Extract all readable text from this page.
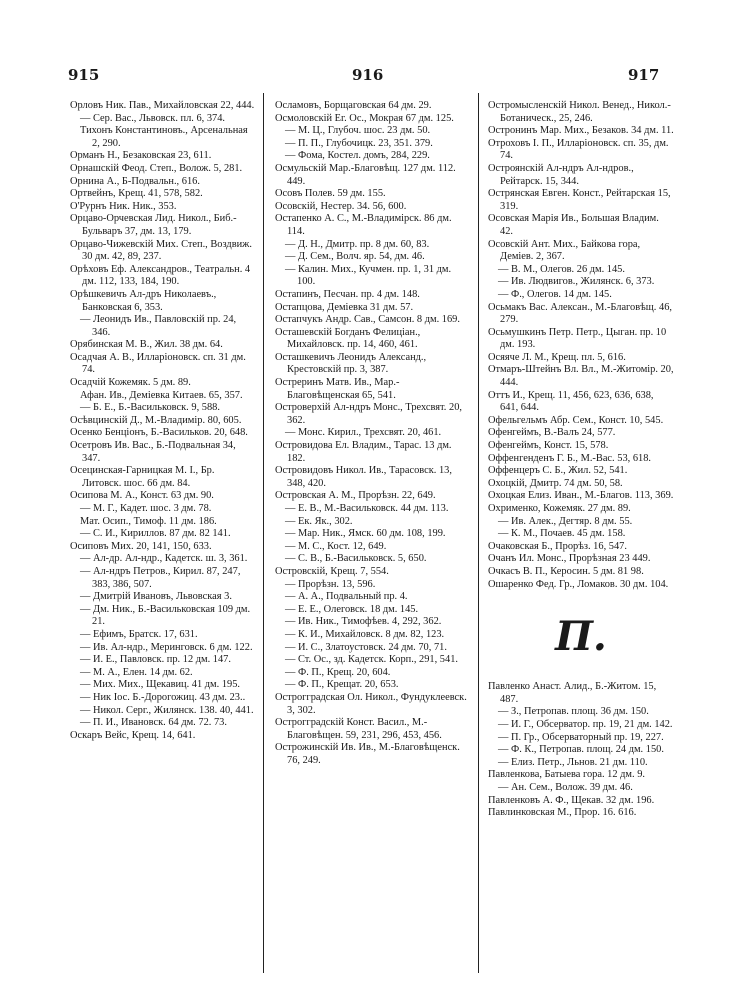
915	916	917

Орловъ Ник. Пав., Михайловская 22, 444.

— Сер. Вас., Львовск. пл. 6, 374.

Тихонъ Константиновъ., Арсенальная 2, 290.

Орманъ Н., Безаковская 23, 611.

Орнашскій Феод. Степ., Волож. 5, 281.

Орнина А., Б-Подвальн., 616.

Ортвейнъ, Крещ. 41, 578, 582.

О'Рурнъ Ник. Ник., 353.

Орцаво-Орчевская Лид. Никол., Биб.-Бульваръ 37, дм. 13, 179.

Орцаво-Чижевскій Мих. Степ., Воздвиж. 30 дм. 42, 89, 237.

Орѣховъ Еф. Александров., Театральн. 4 дм. 112, 133, 184, 190.

Орѣшкевичъ Ал-дръ Николаевъ., Банковская 6, 353.

— Леонидъ Ив., Павловскій пр. 24, 346.

Орябинская М. В., Жил. 38 дм. 64.

Осадчая А. В., Илларіоновск. сп. 31 дм. 74.

Осадчій Кожемяк. 5 дм. 89.

Афан. Ив., Деміевка Китаев. 65, 357.

— Б. Е., Б.-Васильковск. 9, 588.

Осѣвцинскій Д., М.-Владимір. 80, 605.

Осенко Бенціонъ, Б.-Васильков. 20, 648.

Осетровъ Ив. Вас., Б.-Подвальная 34, 347.

Осецинская-Гарницкая М. І., Бр. Литовск. шос. 66 дм. 84.

Осипова М. А., Конст. 63 дм. 90.

— М. Г., Кадет. шос. 3 дм. 78.

Мат. Осип., Тимоф. 11 дм. 186.

— С. И., Кириллов. 87 дм. 82 141.

Осиповъ Мих. 20, 141, 150, 633.

— Ал-др. Ал-ндр., Кадетск. ш. 3, 361.

— Ал-ндръ Петров., Кирил. 87, 247, 383, 386, 507.

— Дмитрій Ивановъ, Львовская 3.

— Дм. Ник., Б.-Васильковская 109 дм. 21.

— Ефимъ, Братск. 17, 631.

— Ив. Ал-ндр., Меринговск. 6 дм. 122.

— И. Е., Павловск. пр. 12 дм. 147.

— М. А., Елен. 14 дм. 62.

— Мих. Мих., Щекавиц. 41 дм. 195.

— Ник Іос. Б.-Дорогожиц. 43 дм. 23..

— Никол. Серг., Жилянск. 138. 40, 441.

— П. И., Ивановск. 64 дм. 72. 73.

Оскаръ Вейс, Крещ. 14, 641.

Осламовъ, Борщаговская 64 дм. 29.

Осмоловскій Ег. Ос., Мокрая 67 дм. 125.

— М. Ц., Глубоч. шос. 23 дм. 50.

— П. П., Глубочицк. 23, 351. 379.

— Фома, Костел. домъ, 284, 229.

Осмульскій Мар.-Благовѣщ. 127 дм. 112. 449.

Осовъ Полев. 59 дм. 155.

Осовскій, Нестер. 34. 56, 600.

Остапенко А. С., М.-Владимірск. 86 дм. 114.

— Д. Н., Дмитр. пр. 8 дм. 60, 83.

— Д. Сем., Волч. яр. 54, дм. 46.

— Калин. Мих., Кучмен. пр. 1, 31 дм. 100.

Остапинъ, Песчан. пр. 4 дм. 148.

Остапцова, Деміевка 31 дм. 57.

Остапчукъ Андр. Сав., Самсон. 8 дм. 169.

Осташевскій Богданъ Фелиціан., Михайловск. пр. 14, 460, 461.

Осташкевичъ Леонидъ Александ., Крестовскій пр. 3, 387.

Остреринъ Матв. Ив., Мар.-Благовѣщенская 65, 541.

Островерхій Ал-ндръ Монс., Трехсвят. 20, 362.

— Монс. Кирил., Трехсвят. 20, 461.

Островидова Ел. Владим., Тарас. 13 дм. 182.

Островидовъ Никол. Ив., Тарасовск. 13, 348, 420.

Островская А. М., Прорѣзн. 22, 649.

— Е. В., М.-Васильковск. 44 дм. 113.

— Ек. Як., 302.

— Мар. Ник., Ямск. 60 дм. 108, 199.

— М. С., Кост. 12, 649.

— С. В., Б.-Васильковск. 5, 650.

Островскій, Крещ. 7, 554.

— Прорѣзн. 13, 596.

— А. А., Подвальный пр. 4.

— Е. Е., Олеговск. 18 дм. 145.

— Ив. Ник., Тимофѣев. 4, 292, 362.

— К. И., Михайловск. 8 дм. 82, 123.

— И. С., Златоустовск. 24 дм. 70, 71.

— Ст. Ос., зд. Кадетск. Корп., 291, 541.

— Ф. П., Крещ. 20, 604.

— Ф. П., Крещат. 20, 653.

Острогградская Ол. Никол., Фундуклеевск. 3, 302.

Острогградскій Конст. Васил., М.-Благовѣщен. 59, 231, 296, 453, 456.

Острожинскій Ив. Ив., М.-Благовѣщенск. 76, 249.

Остромысленскій Никол. Венед., Никол.-Ботаническ., 25, 246.

Остронинъ Мар. Мих., Безаков. 34 дм. 11.

Отроховъ І. П., Илларіоновск. сп. 35, дм. 74.

Остроянскій Ал-ндръ Ал-ндров., Рейтарск. 15, 344.

Острянская Евген. Конст., Рейтарская 15, 319.

Осовская Марія Ив., Большая Владим. 42.

Осовскій Ант. Мих., Байкова гора, Деміев. 2, 367.

— В. М., Олегов. 26 дм. 145.

— Ив. Людвигов., Жилянск. 6, 373.

— Ф., Олегов. 14 дм. 145.

Осьмакъ Вас. Алексан., М.-Благовѣщ. 46, 279.

Осьмушкинъ Петр. Петр., Цыган. пр. 10 дм. 193.

Осяяче Л. М., Крещ. пл. 5, 616.

Отмаръ-Штейнъ Вл. Вл., М.-Житомір. 20, 444.

Оттъ И., Крещ. 11, 456, 623, 636, 638, 641, 644.

Офельгельмъ Абр. Сем., Конст. 10, 545.

Офенгеймъ, В.-Валъ 24, 577.

Офенгеймъ, Конст. 15, 578.

Оффенгенденъ Г. Б., М.-Вас. 53, 618.

Оффенцеръ С. Б., Жил. 52, 541.

Охоцкій, Дмитр. 74 дм. 50, 58.

Охоцкая Елиз. Иван., М.-Благов. 113, 369.

Охрименко, Кожемяк. 27 дм. 89.

— Ив. Алек., Дегтяр. 8 дм. 55.

— К. М., Почаев. 45 дм. 158.

Очаковская Б., Прорѣз. 16, 547.

Очанъ Ил. Монс., Прорѣзная 23 449.

Очкасъ В. П., Керосин. 5 дм. 81 98.

Ошаренко Фед. Гр., Ломаков. 30 дм. 104.

П.

Павленко Анаст. Алид., Б.-Житом. 15, 487.

— З., Петропав. площ. 36 дм. 150.

— И. Г., Обсерватор. пр. 19, 21 дм. 142.

— П. Гр., Обсерваторный пр. 19, 227.

— Ф. К., Петропав. площ. 24 дм. 150.

— Елиз. Петр., Льнов. 21 дм. 110.

Павленкова, Батыева гора. 12 дм. 9.

— Ан. Сем., Волож. 39 дм. 46.

Павленковъ А. Ф., Щекав. 32 дм. 196.

Павлинковская М., Прор. 16. 616.
